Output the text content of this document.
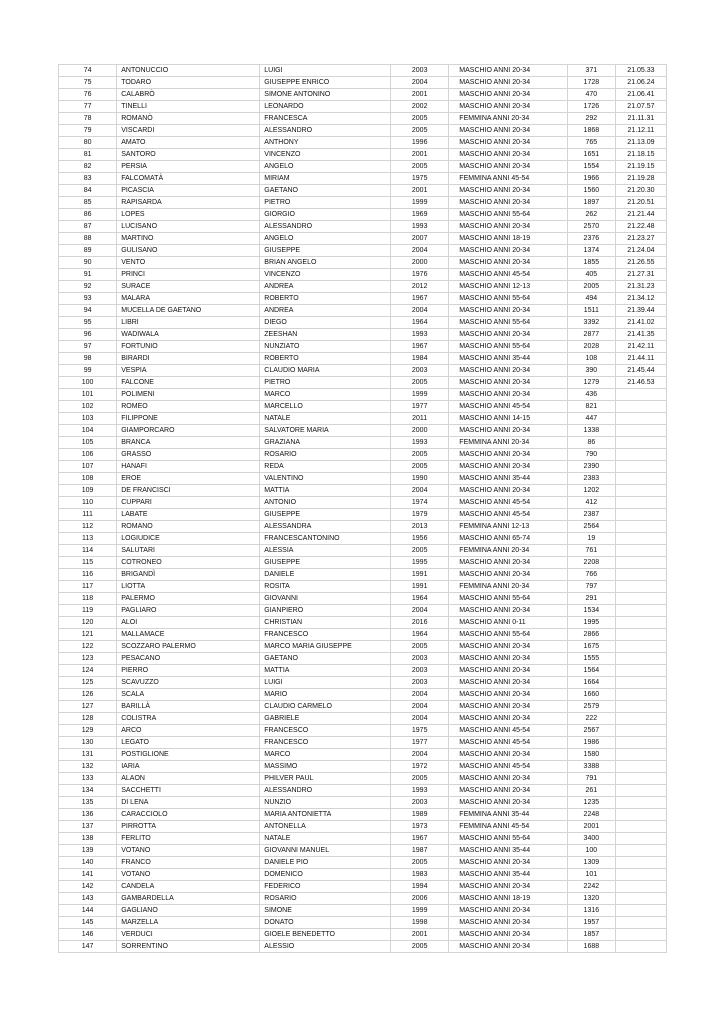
74	ANTONUCCIO	LUIGI	2003	MASCHIO ANNI 20-34	371	21.05.33
75	TODARO	GIUSEPPE ENRICO	2004	MASCHIO ANNI 20-34	1728	21.06.24
76	CALABRÒ	SIMONE ANTONINO	2001	MASCHIO ANNI 20-34	470	21.06.41
77	TINELLI	LEONARDO	2002	MASCHIO ANNI 20-34	1726	21.07.57
78	ROMANÒ	FRANCESCA	2005	FEMMINA ANNI 20-34	292	21.11.31
79	VISCARDI	ALESSANDRO	2005	MASCHIO ANNI 20-34	1868	21.12.11
80	AMATO	ANTHONY	1996	MASCHIO ANNI 20-34	765	21.13.09
81	SANTORO	VINCENZO	2001	MASCHIO ANNI 20-34	1651	21.18.15
82	PERSIA	ANGELO	2005	MASCHIO ANNI 20-34	1554	21.19.15
83	FALCOMATÀ	MIRIAM	1975	FEMMINA ANNI 45-54	1966	21.19.28
84	PICASCIA	GAETANO	2001	MASCHIO ANNI 20-34	1560	21.20.30
85	RAPISARDA	PIETRO	1999	MASCHIO ANNI 20-34	1897	21.20.51
86	LOPES	GIORGIO	1969	MASCHIO ANNI 55-64	262	21.21.44
87	LUCISANO	ALESSANDRO	1993	MASCHIO ANNI 20-34	2570	21.22.48
88	MARTINO	ANGELO	2007	MASCHIO ANNI 18-19	2376	21.23.27
89	GULISANO	GIUSEPPE	2004	MASCHIO ANNI 20-34	1374	21.24.04
90	VENTO	BRIAN ANGELO	2000	MASCHIO ANNI 20-34	1855	21.26.55
91	PRINCI	VINCENZO	1976	MASCHIO ANNI 45-54	405	21.27.31
92	SURACE	ANDREA	2012	MASCHIO ANNI 12-13	2005	21.31.23
93	MALARA	ROBERTO	1967	MASCHIO ANNI 55-64	494	21.34.12
94	MUCELLA DE GAETANO	ANDREA	2004	MASCHIO ANNI 20-34	1511	21.39.44
95	LIBRI	DIEGO	1964	MASCHIO ANNI 55-64	3392	21.41.02
96	WADIWALA	ZEESHAN	1993	MASCHIO ANNI 20-34	2877	21.41.35
97	FORTUNIO	NUNZIATO	1967	MASCHIO ANNI 55-64	2028	21.42.11
98	BIRARDI	ROBERTO	1984	MASCHIO ANNI 35-44	108	21.44.11
99	VESPIA	CLAUDIO MARIA	2003	MASCHIO ANNI 20-34	390	21.45.44
100	FALCONE	PIETRO	2005	MASCHIO ANNI 20-34	1279	21.46.53
101	POLIMENI	MARCO	1999	MASCHIO ANNI 20-34	436	
102	ROMEO	MARCELLO	1977	MASCHIO ANNI 45-54	821	
103	FILIPPONE	NATALE	2011	MASCHIO ANNI 14-15	447	
104	GIAMPORCARO	SALVATORE MARIA	2000	MASCHIO ANNI 20-34	1338	
105	BRANCA	GRAZIANA	1993	FEMMINA ANNI 20-34	86	
106	GRASSO	ROSARIO	2005	MASCHIO ANNI 20-34	790	
107	HANAFI	REDA	2005	MASCHIO ANNI 20-34	2390	
108	EROE	VALENTINO	1990	MASCHIO ANNI 35-44	2383	
109	DE FRANCISCI	MATTIA	2004	MASCHIO ANNI 20-34	1202	
110	CUPPARI	ANTONIO	1974	MASCHIO ANNI 45-54	412	
111	LABATE	GIUSEPPE	1979	MASCHIO ANNI 45-54	2387	
112	ROMANO	ALESSANDRA	2013	FEMMINA ANNI 12-13	2564	
113	LOGIUDICE	FRANCESCANTONINO	1956	MASCHIO ANNI 65-74	19	
114	SALUTARI	ALESSIA	2005	FEMMINA ANNI 20-34	761	
115	COTRONEO	GIUSEPPE	1995	MASCHIO ANNI 20-34	2208	
116	BRIGANDÌ	DANIELE	1991	MASCHIO ANNI 20-34	766	
117	LIOTTA	ROSITA	1991	FEMMINA ANNI 20-34	797	
118	PALERMO	GIOVANNI	1964	MASCHIO ANNI 55-64	291	
119	PAGLIARO	GIANPIERO	2004	MASCHIO ANNI 20-34	1534	
120	ALOI	CHRISTIAN	2016	MASCHIO ANNI 0-11	1995	
121	MALLAMACE	FRANCESCO	1964	MASCHIO ANNI 55-64	2866	
122	SCOZZARO PALERMO	MARCO MARIA GIUSEPPE	2005	MASCHIO ANNI 20-34	1675	
123	PESACANO	GAETANO	2003	MASCHIO ANNI 20-34	1555	
124	PIERRO	MATTIA	2003	MASCHIO ANNI 20-34	1564	
125	SCAVUZZO	LUIGI	2003	MASCHIO ANNI 20-34	1664	
126	SCALA	MARIO	2004	MASCHIO ANNI 20-34	1660	
127	BARILLÀ	CLAUDIO CARMELO	2004	MASCHIO ANNI 20-34	2579	
128	COLISTRA	GABRIELE	2004	MASCHIO ANNI 20-34	222	
129	ARCO	FRANCESCO	1975	MASCHIO ANNI 45-54	2567	
130	LEGATO	FRANCESCO	1977	MASCHIO ANNI 45-54	1986	
131	POSTIGLIONE	MARCO	2004	MASCHIO ANNI 20-34	1580	
132	IARIA	MASSIMO	1972	MASCHIO ANNI 45-54	3388	
133	ALAON	PHILVER PAUL	2005	MASCHIO ANNI 20-34	791	
134	SACCHETTI	ALESSANDRO	1993	MASCHIO ANNI 20-34	261	
135	DI LENA	NUNZIO	2003	MASCHIO ANNI 20-34	1235	
136	CARACCIOLO	MARIA ANTONIETTA	1989	FEMMINA ANNI 35-44	2248	
137	PIRROTTA	ANTONELLA	1973	FEMMINA ANNI 45-54	2001	
138	FERLITO	NATALE	1967	MASCHIO ANNI 55-64	3400	
139	VOTANO	GIOVANNI MANUEL	1987	MASCHIO ANNI 35-44	100	
140	FRANCO	DANIELE PIO	2005	MASCHIO ANNI 20-34	1309	
141	VOTANO	DOMENICO	1983	MASCHIO ANNI 35-44	101	
142	CANDELA	FEDERICO	1994	MASCHIO ANNI 20-34	2242	
143	GAMBARDELLA	ROSARIO	2006	MASCHIO ANNI 18-19	1320	
144	GAGLIANO	SIMONE	1999	MASCHIO ANNI 20-34	1316	
145	MARZELLA	DONATO	1998	MASCHIO ANNI 20-34	1957	
146	VERDUCI	GIOELE BENEDETTO	2001	MASCHIO ANNI 20-34	1857	
147	SORRENTINO	ALESSIO	2005	MASCHIO ANNI 20-34	1688	
